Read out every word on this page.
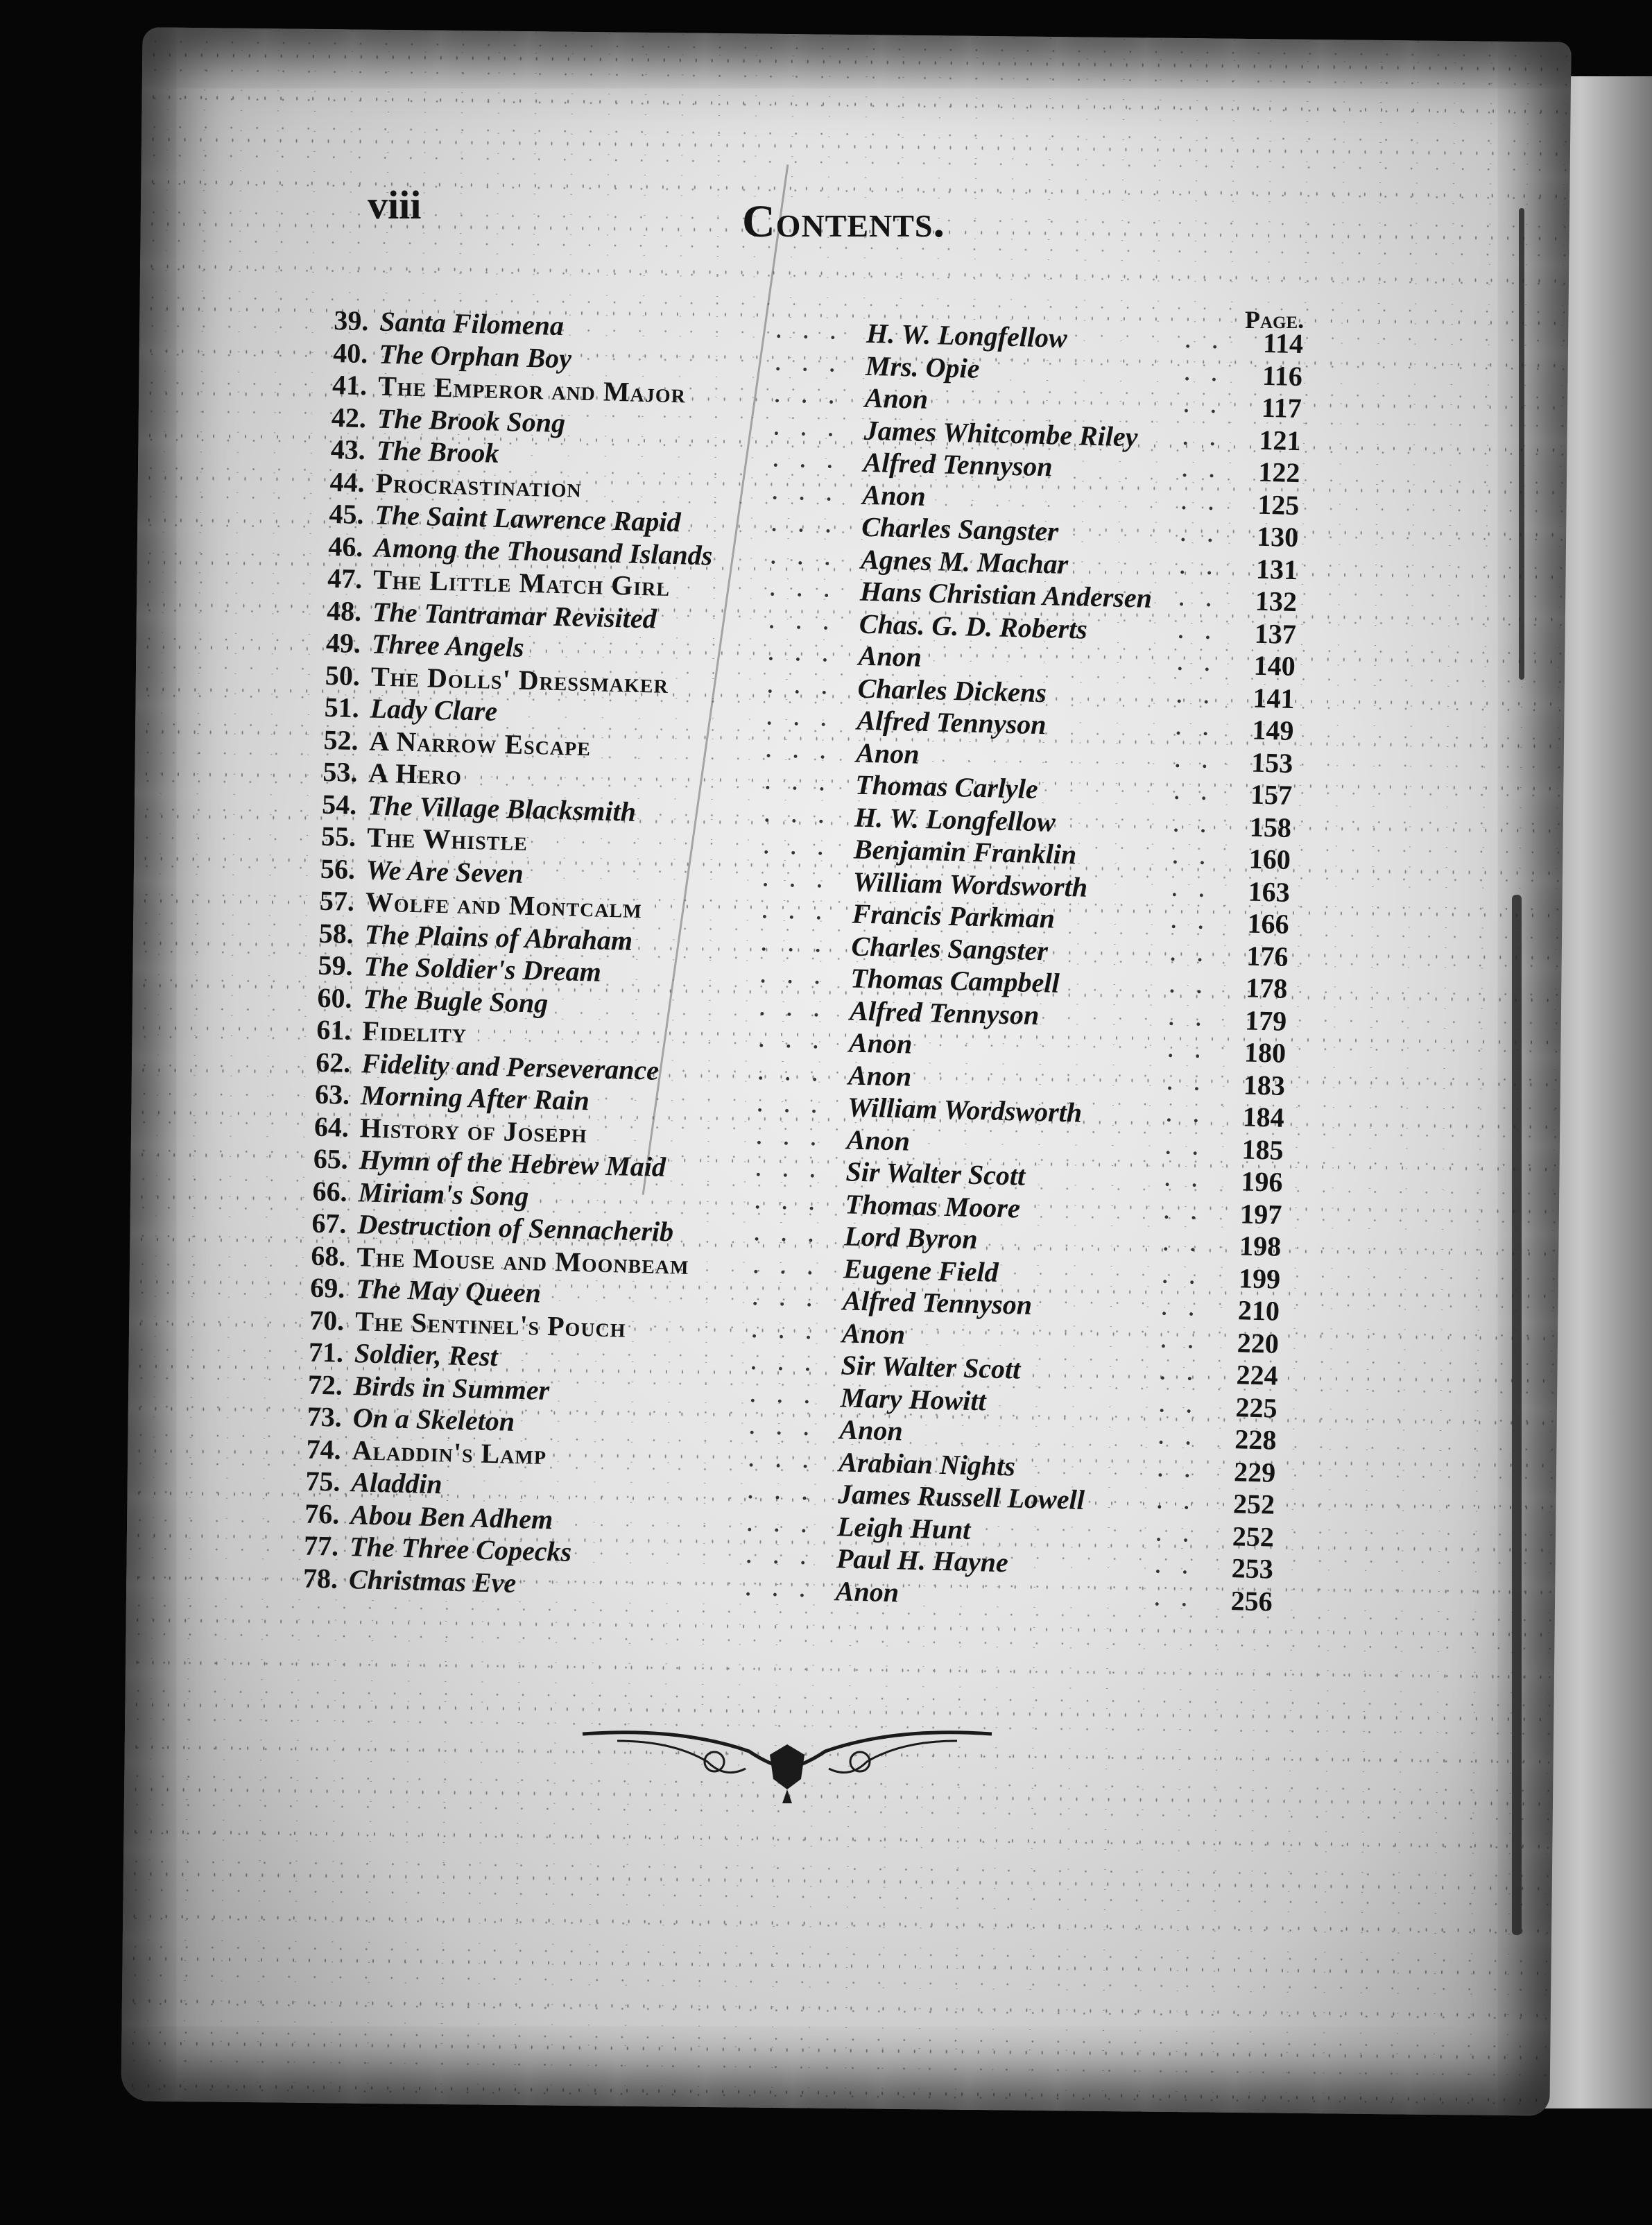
viii	Contents.
Page.
39. Santa Filomena	. . . H. W. Longfellow	. .	114
40. The Orphan Boy	. . . Mrs. Opie	. .	116
41. The Emperor and Major	. . . Anon	. .	117
42. The Brook Song	. . . James Whitcombe Riley . .	121
43. The Brook	. . . Alfred Tennyson	. .	122
44. Procrastination	. . . Anon	. .	125
45. The Saint Lawrence Rapid	. . . Charles Sangster	. .	130
46. Among the Thousand Islands	. . . Agnes M. Machar	. .	131
47. The Little Match Girl	. . . Hans Christian Andersen . .	132
48. The Tantramar Revisited	. . . Chas. G. D. Roberts	. .	137
49. Three Angels	. . . Anon	. .	140
50. The Dolls' Dressmaker	. . . Charles Dickens	. .	141
51. Lady Clare	. . . Alfred Tennyson	. .	149
52. A Narrow Escape	. . . Anon	. .	153
53. A Hero	. . . Thomas Carlyle	. .	157
54. The Village Blacksmith	. . . H. W. Longfellow	. .	158
55. The Whistle	. . . Benjamin Franklin	. .	160
56. We Are Seven	. . . William Wordsworth	. .	163
57. Wolfe and Montcalm	. . . Francis Parkman	. .	166
58. The Plains of Abraham	. . . Charles Sangster	. .	176
59. The Soldier's Dream	. . . Thomas Campbell	. .	178
60. The Bugle Song	. . . Alfred Tennyson	. .	179
61. Fidelity	. . . Anon	. .	180
62. Fidelity and Perseverance	. . . Anon	. .	183
63. Morning After Rain	. . . William Wordsworth	. .	184
64. History of Joseph	. . . Anon	. .	185
65. Hymn of the Hebrew Maid	. . . Sir Walter Scott	. .	196
66. Miriam's Song	. . . Thomas Moore	. .	197
67. Destruction of Sennacherib	. . . Lord Byron	. .	198
68. The Mouse and Moonbeam	. . . Eugene Field	. .	199
69. The May Queen	. . . Alfred Tennyson	. .	210
70. The Sentinel's Pouch	. . . Anon	. .	220
71. Soldier, Rest	. . . Sir Walter Scott	. .	224
72. Birds in Summer	. . . Mary Howitt	. .	225
73. On a Skeleton	. . . Anon	. .	228
74. Aladdin's Lamp	. . . Arabian Nights	. .	229
75. Aladdin	. . . James Russell Lowell	. .	252
76. Abou Ben Adhem	. . . Leigh Hunt	. .	252
77. The Three Copecks	. . . Paul H. Hayne	. .	253
78. Christmas Eve	. . . Anon	. .	256
